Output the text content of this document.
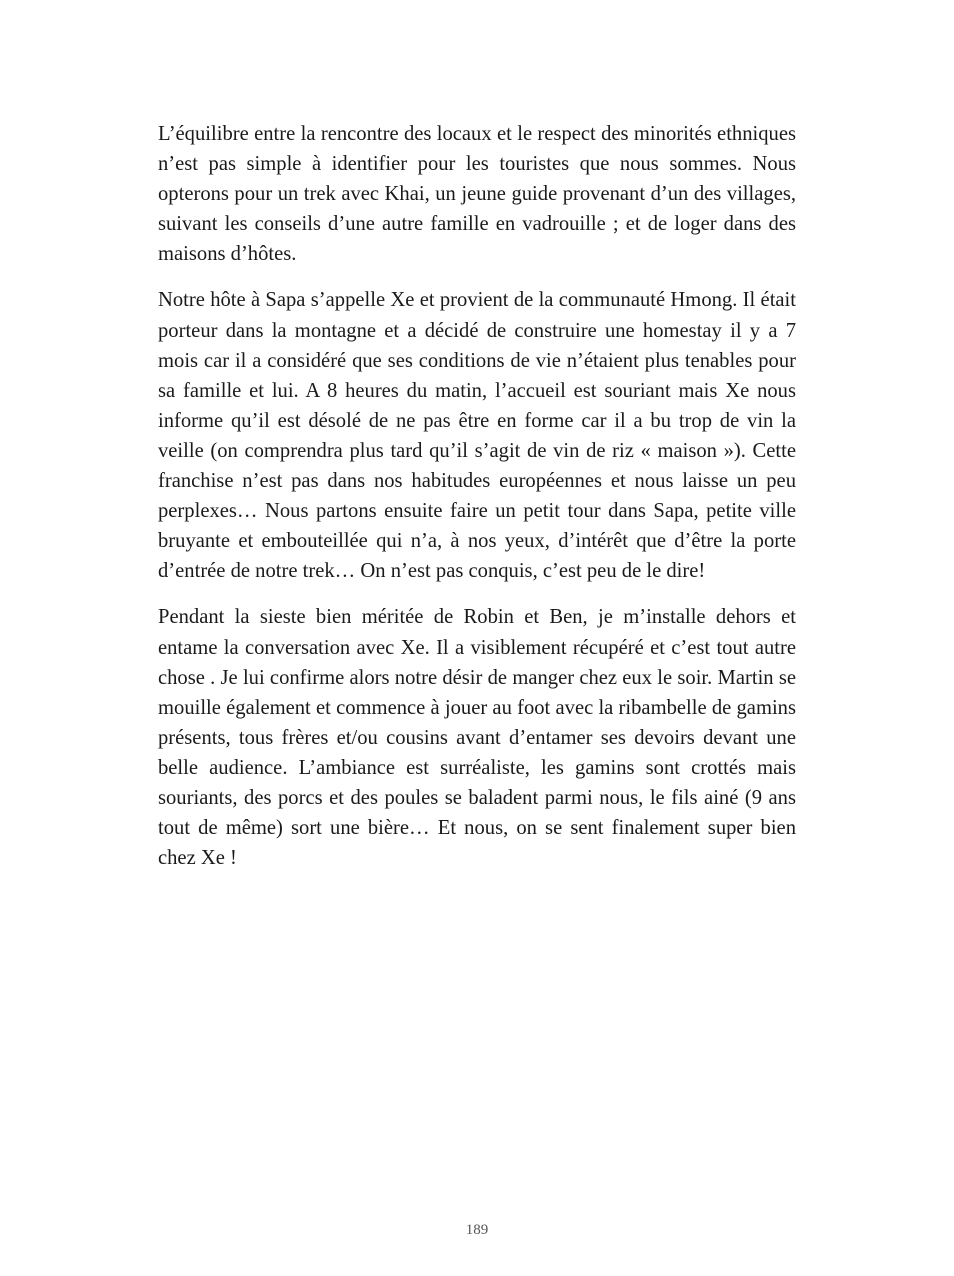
L’équilibre entre la rencontre des locaux et le respect des minorités ethniques n’est pas simple à identifier pour les touristes que nous sommes. Nous opterons pour un trek avec Khai, un jeune guide provenant d’un des villages, suivant les conseils d’une autre famille en vadrouille ; et de loger dans des maisons d’hôtes.

Notre hôte à Sapa s’appelle Xe et provient de la communauté Hmong. Il était porteur dans la montagne et a décidé de construire une homestay il y a 7 mois car il a considéré que ses conditions de vie n’étaient plus tenables pour sa famille et lui. A 8 heures du matin, l’accueil est souriant mais Xe nous informe qu’il est désolé de ne pas être en forme car il a bu trop de vin la veille (on comprendra plus tard qu’il s’agit de vin de riz « maison »). Cette franchise n’est pas dans nos habitudes européennes et nous laisse un peu perplexes… Nous partons ensuite faire un petit tour dans Sapa, petite ville bruyante et embouteillée qui n’a, à nos yeux, d’intérêt que d’être la porte d’entrée de notre trek… On n’est pas conquis, c’est peu de le dire!

Pendant la sieste bien méritée de Robin et Ben, je m’installe dehors et entame la conversation avec Xe. Il a visiblement récupéré et c’est tout autre chose . Je lui confirme alors notre désir de manger chez eux le soir. Martin se mouille également et commence à jouer au foot avec la ribambelle de gamins présents, tous frères et/ou cousins avant d’entamer ses devoirs devant une belle audience. L’ambiance est surréaliste, les gamins sont crottés mais souriants, des porcs et des poules se baladent parmi nous, le fils ainé (9 ans tout de même) sort une bière… Et nous, on se sent finalement super bien chez Xe !

189
